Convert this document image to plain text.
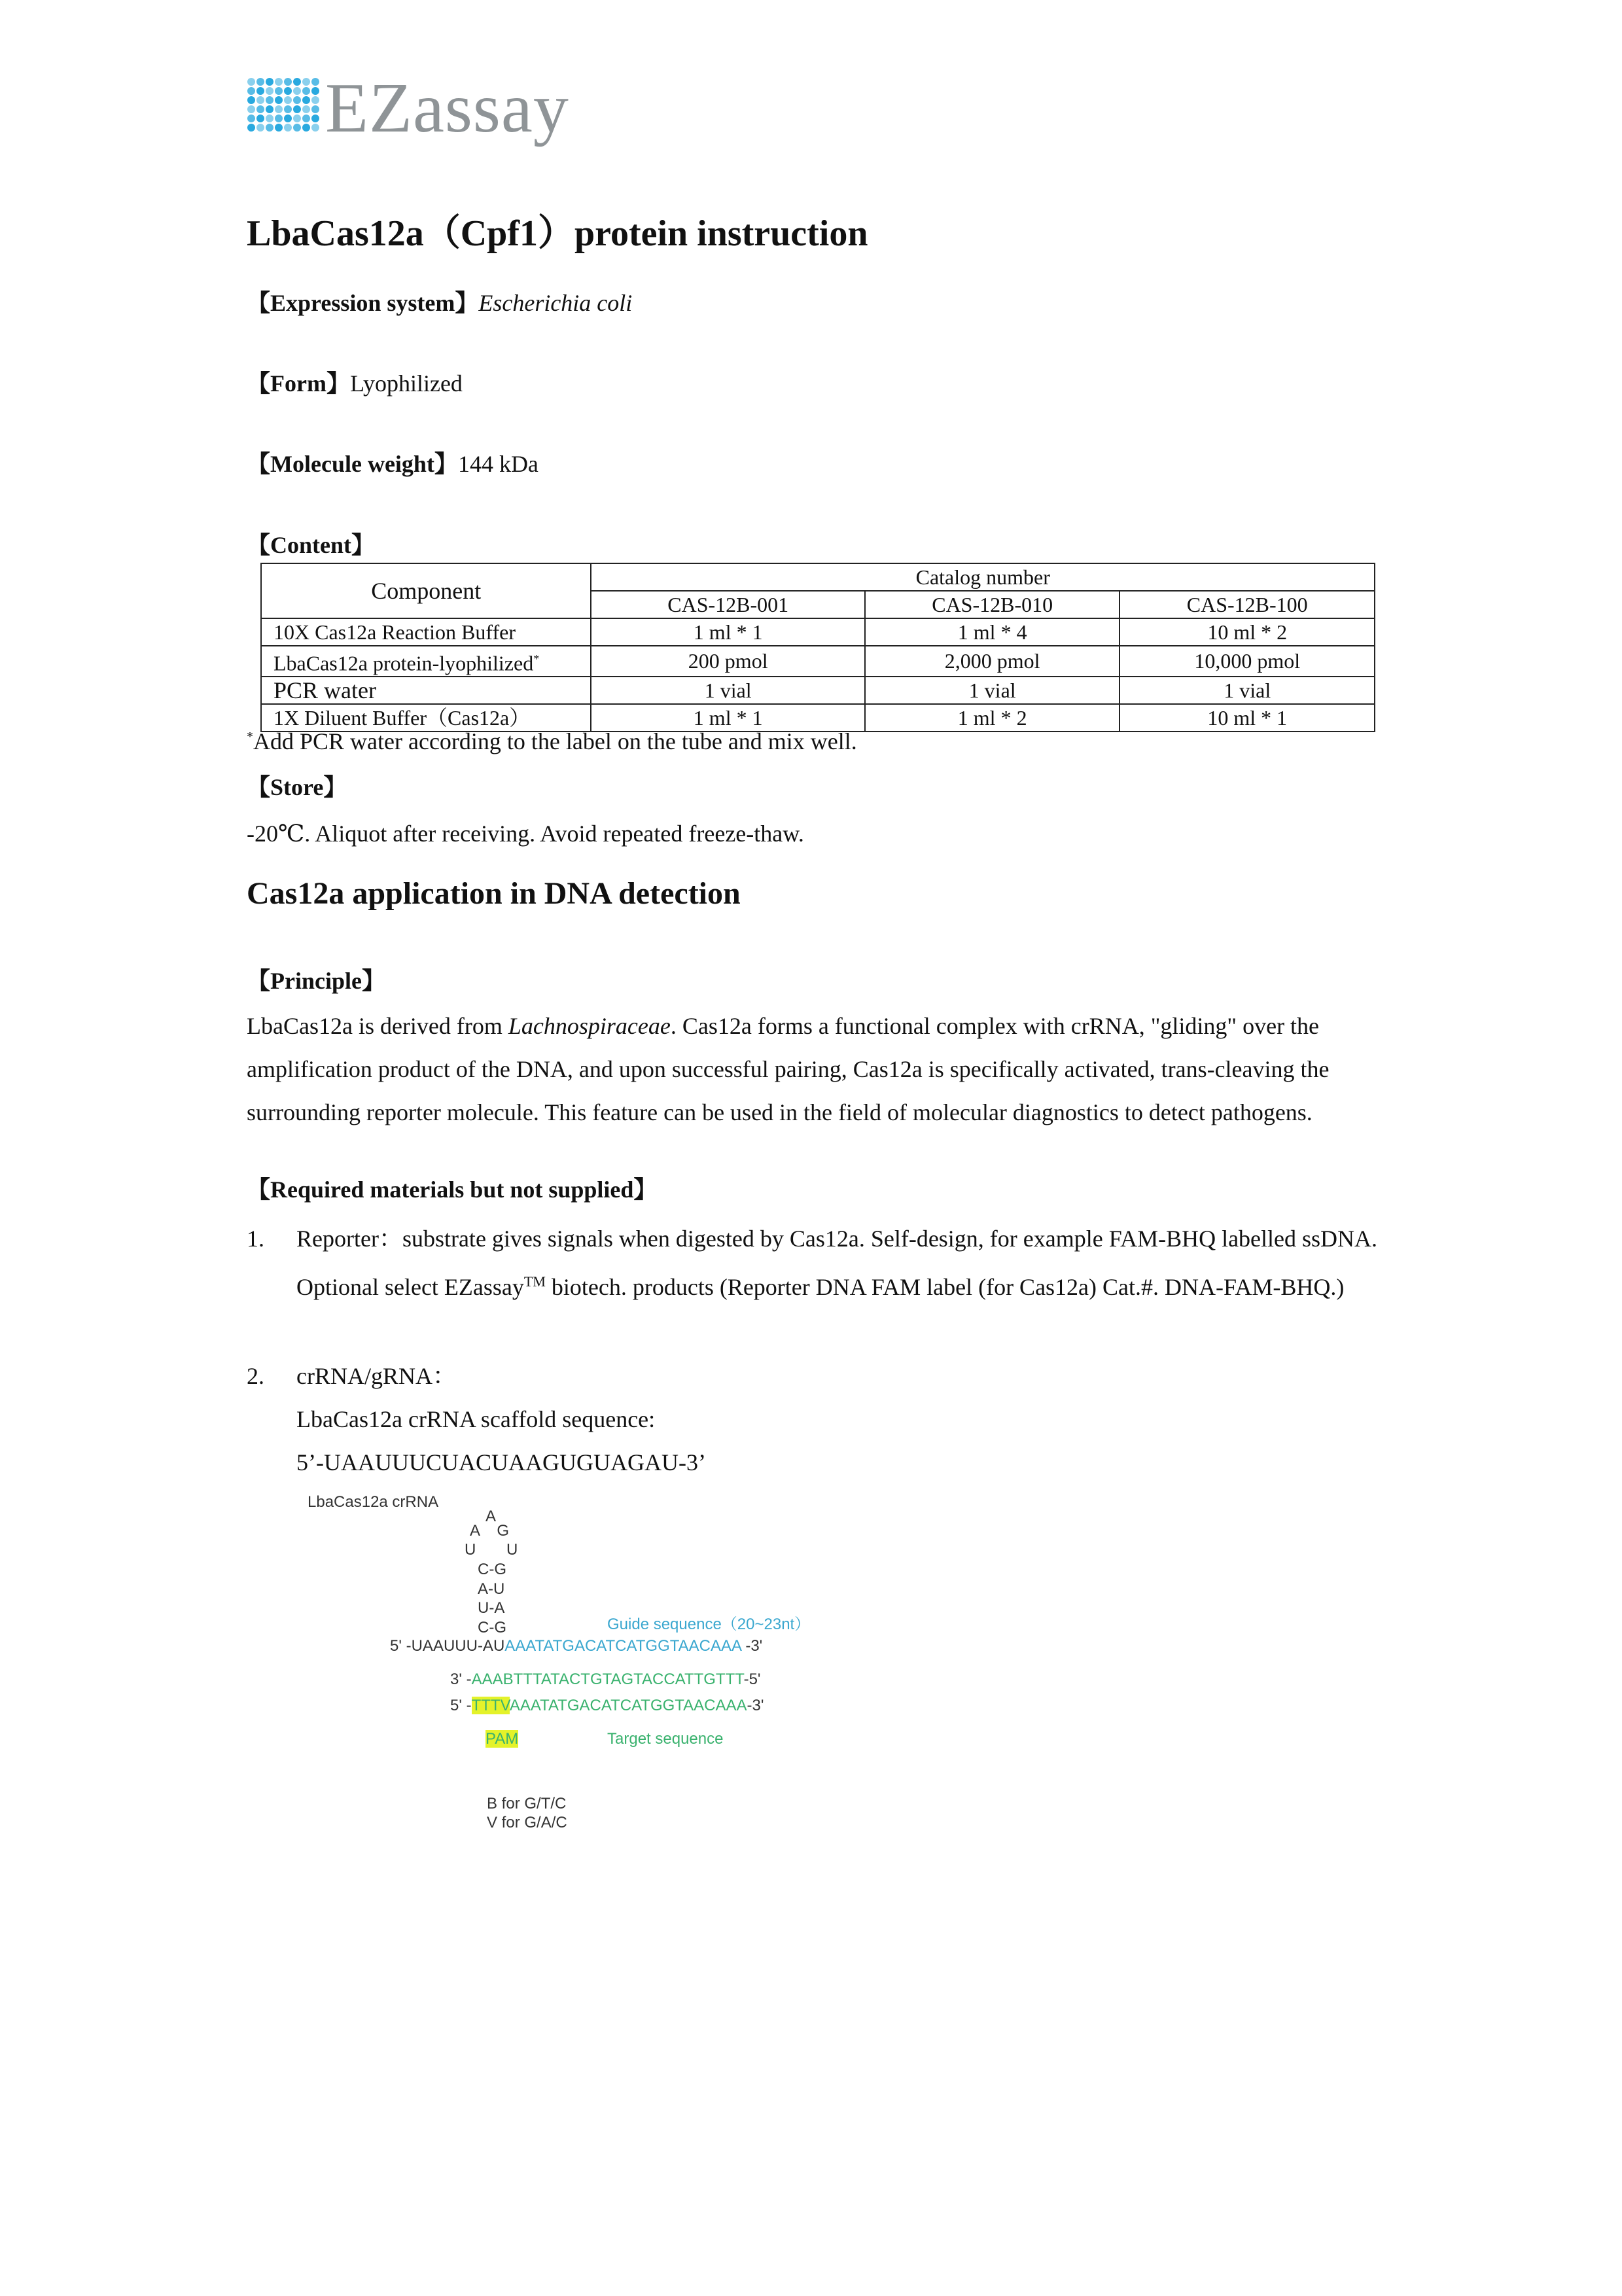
EZassay
LbaCas12a（Cpf1）protein instruction
【Expression system】Escherichia coli
【Form】Lyophilized
【Molecule weight】144 kDa
【Content】
Component	Catalog number		
	CAS-12B-001	CAS-12B-010	CAS-12B-100
10X Cas12a Reaction Buffer	1 ml * 1	1 ml * 4	10 ml * 2
LbaCas12a protein-lyophilized*	200 pmol	2,000 pmol	10,000 pmol
PCR water	1 vial	1 vial	1 vial
1X Diluent Buffer（Cas12a）	1 ml * 1	1 ml * 2	10 ml * 1
*Add PCR water according to the label on the tube and mix well.
【Store】
-20℃. Aliquot after receiving. Avoid repeated freeze-thaw.
Cas12a application in DNA detection
【Principle】
LbaCas12a is derived from Lachnospiraceae. Cas12a forms a functional complex with crRNA, "gliding" over the amplification product of the DNA, and upon successful pairing, Cas12a is specifically activated, trans-cleaving the surrounding reporter molecule. This feature can be used in the field of molecular diagnostics to detect pathogens.
【Required materials but not supplied】
1. Reporter：substrate gives signals when digested by Cas12a. Self-design, for example FAM-BHQ labelled ssDNA. Optional select EZassay™ biotech. products (Reporter DNA FAM label (for Cas12a) Cat.#. DNA-FAM-BHQ.)
2. crRNA/gRNA：
LbaCas12a crRNA scaffold sequence:
5’-UAAUUUCUACUAAGUGUAGAU-3’
LbaCas12a crRNA
A
A    G
U       U
C-G
A-U
U-A
C-G	Guide sequence（20~23nt）
5' -UAAUUU-AUAAATATGACATCATGGTAACAAA -3'
3' -AAABTTTATACTGTAGTACCATTGTTT-5'
5' -TTTVAAATATGACATCATGGTAACAAA-3'
PAM	Target sequence
B for G/T/C
V for G/A/C
